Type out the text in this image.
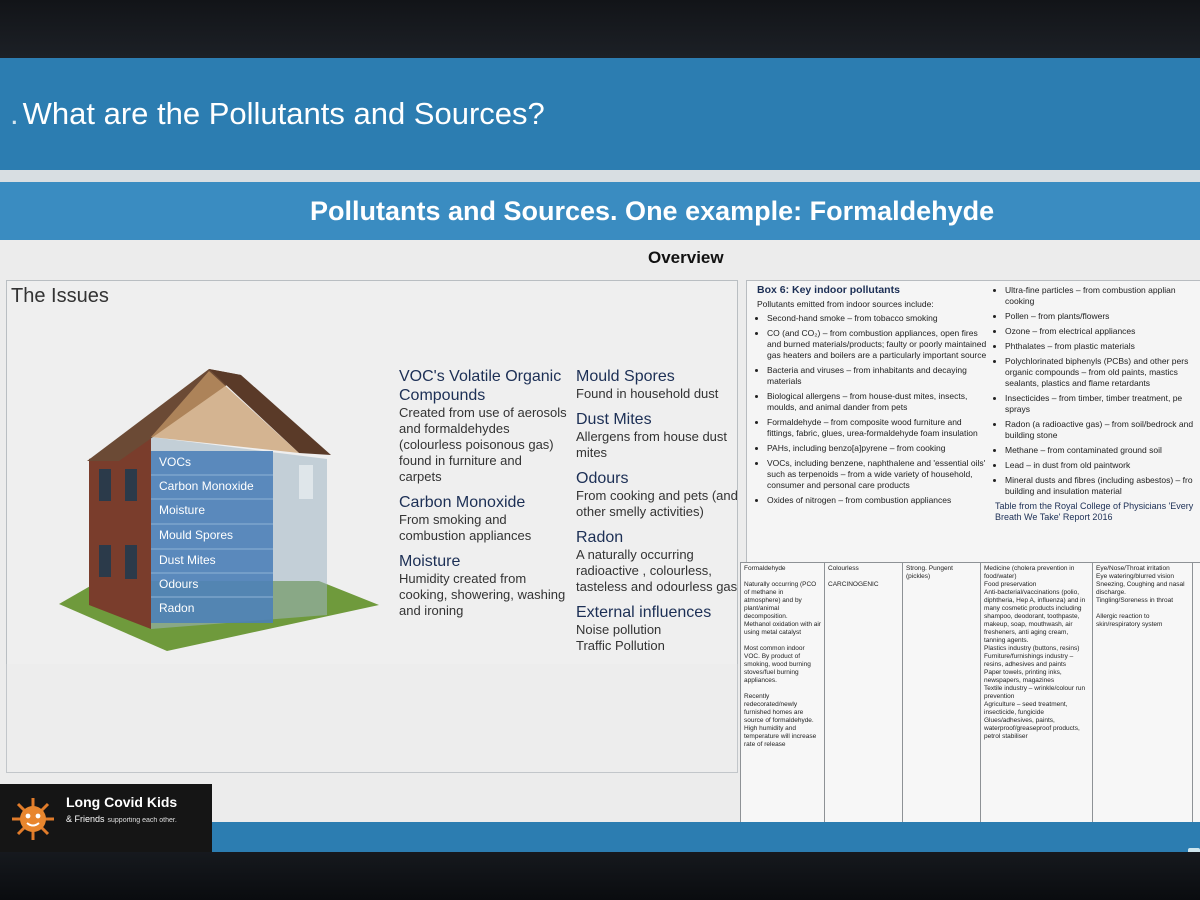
. What are the Pollutants and Sources?
Pollutants and Sources. One example: Formaldehyde
Overview
The Issues
VOCs
Carbon Monoxide
Moisture
Mould Spores
Dust Mites
Odours
Radon
VOC's Volatile Organic Compounds

Created from use of aerosols and formaldehydes (colourless poisonous gas) found in furniture and carpets

Carbon Monoxide

From smoking and combustion appliances

Moisture

Humidity created from cooking, showering, washing and ironing

Mould Spores

Found in household dust

Dust Mites

Allergens from house dust mites

Odours

From cooking and pets (and other smelly activities)

Radon

A naturally occurring radioactive , colourless, tasteless and odourless gas

External influences

Noise pollution
Traffic Pollution

Box 6: Key indoor pollutants
Pollutants emitted from indoor sources include:
• Second-hand smoke – from tobacco smoking
• CO (and CO₂) – from combustion appliances, open fires and burned materials/products; faulty or poorly maintained gas heaters and boilers are a particularly important source
• Bacteria and viruses – from inhabitants and decaying materials
• Biological allergens – from house-dust mites, insects, moulds, and animal dander from pets
• Formaldehyde – from composite wood furniture and fittings, fabric, glues, urea-formaldehyde foam insulation
• PAHs, including benzo[a]pyrene – from cooking
• VOCs, including benzene, naphthalene and 'essential oils' such as terpenoids – from a wide variety of household, consumer and personal care products
• Oxides of nitrogen – from combustion appliances
• Ultra-fine particles – from combustion applian cooking
• Pollen – from plants/flowers
• Ozone – from electrical appliances
• Phthalates – from plastic materials
• Polychlorinated biphenyls (PCBs) and other pers organic compounds – from old paints, mastics sealants, plastics and flame retardants
• Insecticides – from timber, timber treatment, pe sprays
• Radon (a radioactive gas) – from soil/bedrock and building stone
• Methane – from contaminated ground soil
• Lead – in dust from old paintwork
• Mineral dusts and fibres (including asbestos) – fro building and insulation material
Table from the Royal College of Physicians 'Every Breath We Take' Report 2016
Formaldehyde

Naturally occurring (PCO of methane in atmosphere) and by plant/animal decomposition.
Methanol oxidation with air using metal catalyst

Most common indoor VOC. By product of smoking, wood burning stoves/fuel burning appliances.

Recently redecorated/newly furnished homes are source of formaldehyde. High humidity and temperature will increase rate of release
Colourless

CARCINOGENIC
Strong. Pungent (pickles)
Medicine (cholera prevention in food/water)
Food preservation
Anti-bacterial/vaccinations (polio, diphtheria, Hep A, influenza) and in many cosmetic products including shampoo, deodorant, toothpaste, makeup, soap, mouthwash, air fresheners, anti aging cream, tanning agents.
Plastics industry (buttons, resins)
Furniture/furnishings industry – resins, adhesives and paints
Paper towels, printing inks, newspapers, magazines
Textile industry – wrinkle/colour run prevention
Agriculture – seed treatment, insecticide, fungicide
Glues/adhesives, paints, waterproof/greaseproof products, petrol stabiliser
Eye/Nose/Throat irritation
Eye watering/blurred vision
Sneezing, Coughing and nasal discharge.
Tingling/Soreness in throat

Allergic reaction to skin/respiratory system
Long Covid Kids
& Friends supporting each other.
